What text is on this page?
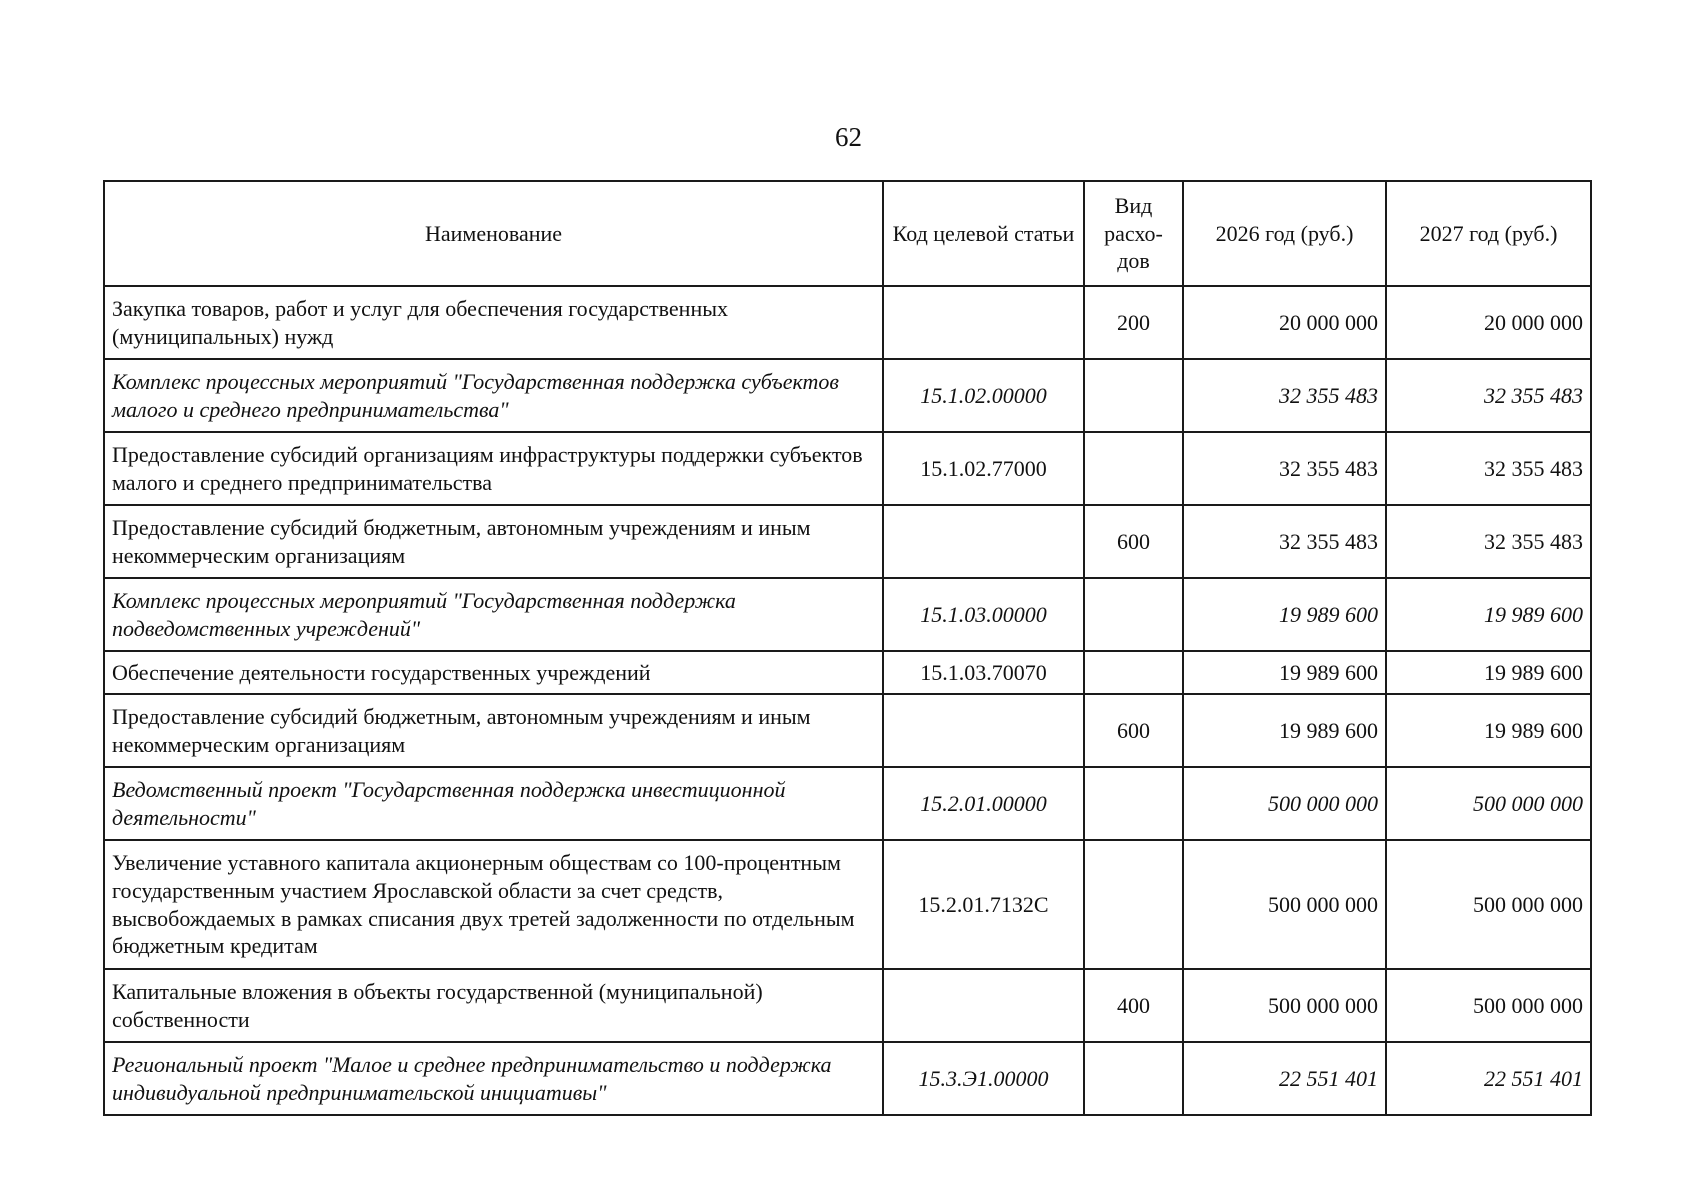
62
Наименование	Код целевой статьи	Вид расхо-дов	2026 год (руб.)	2027 год (руб.)
Закупка товаров, работ и услуг для обеспечения государственных (муниципальных) нужд		200	20 000 000	20 000 000
Комплекс процессных мероприятий "Государственная поддержка субъектов малого и среднего предпринимательства"	15.1.02.00000		32 355 483	32 355 483
Предоставление субсидий организациям инфраструктуры поддержки субъектов малого и среднего предпринимательства	15.1.02.77000		32 355 483	32 355 483
Предоставление субсидий бюджетным, автономным учреждениям и иным некоммерческим организациям		600	32 355 483	32 355 483
Комплекс процессных мероприятий "Государственная поддержка подведомственных учреждений"	15.1.03.00000		19 989 600	19 989 600
Обеспечение деятельности государственных учреждений	15.1.03.70070		19 989 600	19 989 600
Предоставление субсидий бюджетным, автономным учреждениям и иным некоммерческим организациям		600	19 989 600	19 989 600
Ведомственный проект "Государственная поддержка инвестиционной деятельности"	15.2.01.00000		500 000 000	500 000 000
Увеличение уставного капитала акционерным обществам со 100-процентным государственным участием Ярославской области за счет средств, высвобождаемых в рамках списания двух третей задолженности по отдельным бюджетным кредитам	15.2.01.7132С		500 000 000	500 000 000
Капитальные вложения в объекты государственной (муниципальной) собственности		400	500 000 000	500 000 000
Региональный проект "Малое и среднее предпринимательство и поддержка индивидуальной предпринимательской инициативы"	15.3.Э1.00000		22 551 401	22 551 401
